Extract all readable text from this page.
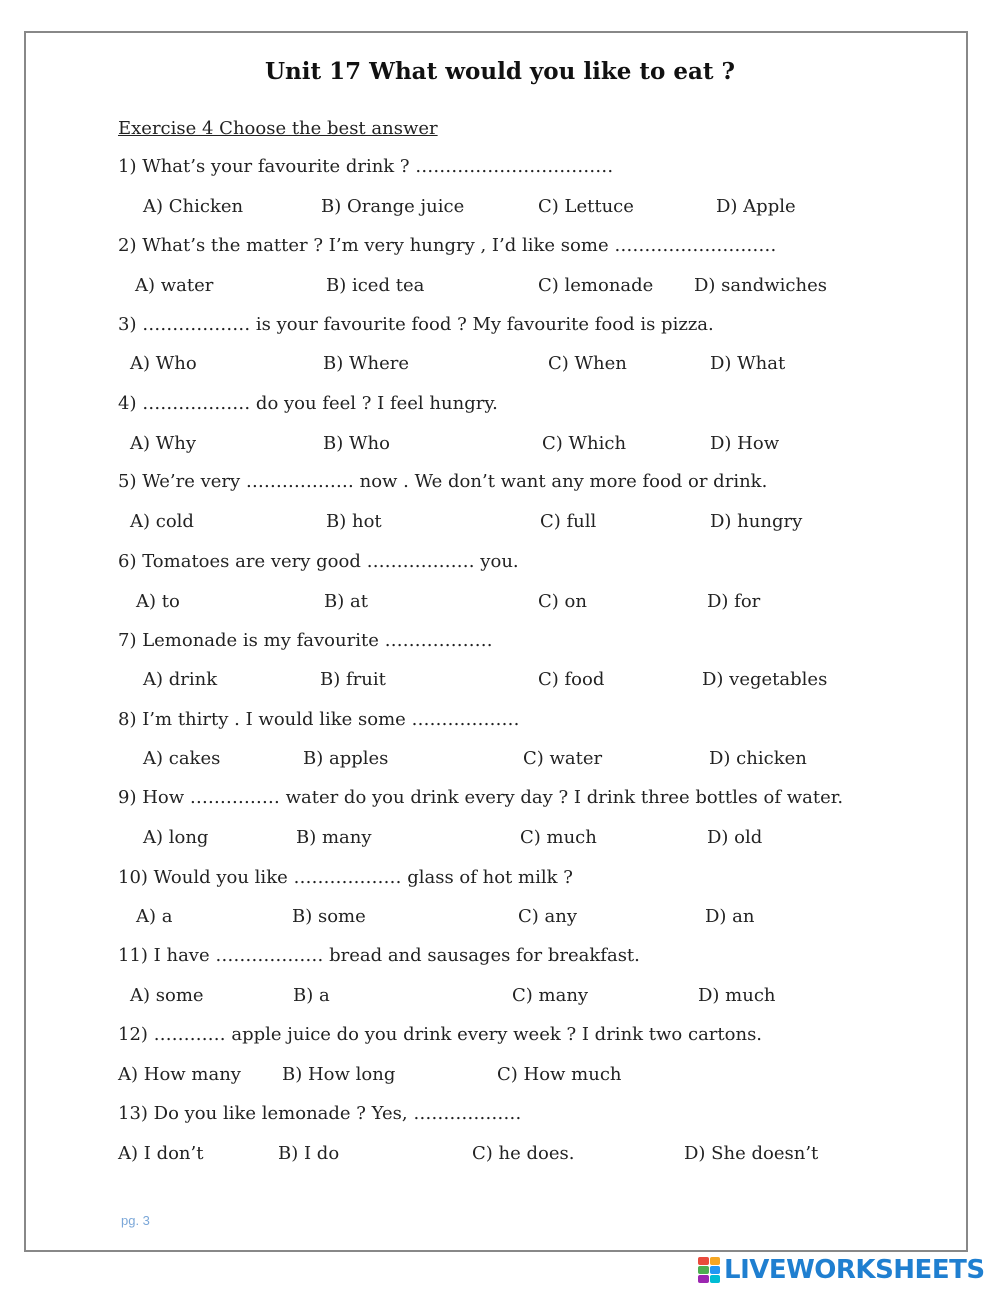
Unit 17 What would you like to eat ?
Exercise 4 Choose the best answer
1) What’s your favourite drink ? ……………………………
A) Chicken	B) Orange juice	C) Lettuce	D) Apple
2) What’s the matter ? I’m very hungry , I’d like some ………………………
A) water	B) iced tea	C) lemonade D) sandwiches
3) ……………… is your favourite food ? My favourite food is pizza.
A) Who	B) Where	C) When	D) What
4) ……………… do you feel ? I feel hungry.
A) Why	B) Who	C) Which	D) How
5) We’re very ……………… now . We don’t want any more food or drink.
A) cold	B) hot	C) full	D) hungry
6) Tomatoes are very good ……………… you.
A) to	B) at	C) on	D) for
7) Lemonade is my favourite ………………
A) drink	B) fruit	C) food	D) vegetables
8) I’m thirty . I would like some ………………
A) cakes	B) apples	C) water	D) chicken
9) How …………… water do you drink every day ? I drink three bottles of water.
A) long	B) many	C) much	D) old
10) Would you like ……………… glass of hot milk ?
A) a	B) some	C) any	D) an
11) I have ……………… bread and sausages for breakfast.
A) some	B) a	C) many	D) much
12) ………… apple juice do you drink every week ? I drink two cartons.
A) How many B) How long	C) How much
13) Do you like lemonade ? Yes, ………………
A) I don’t	B) I do	C) he does.	D) She doesn’t
pg. 3
LIVEWORKSHEETS
